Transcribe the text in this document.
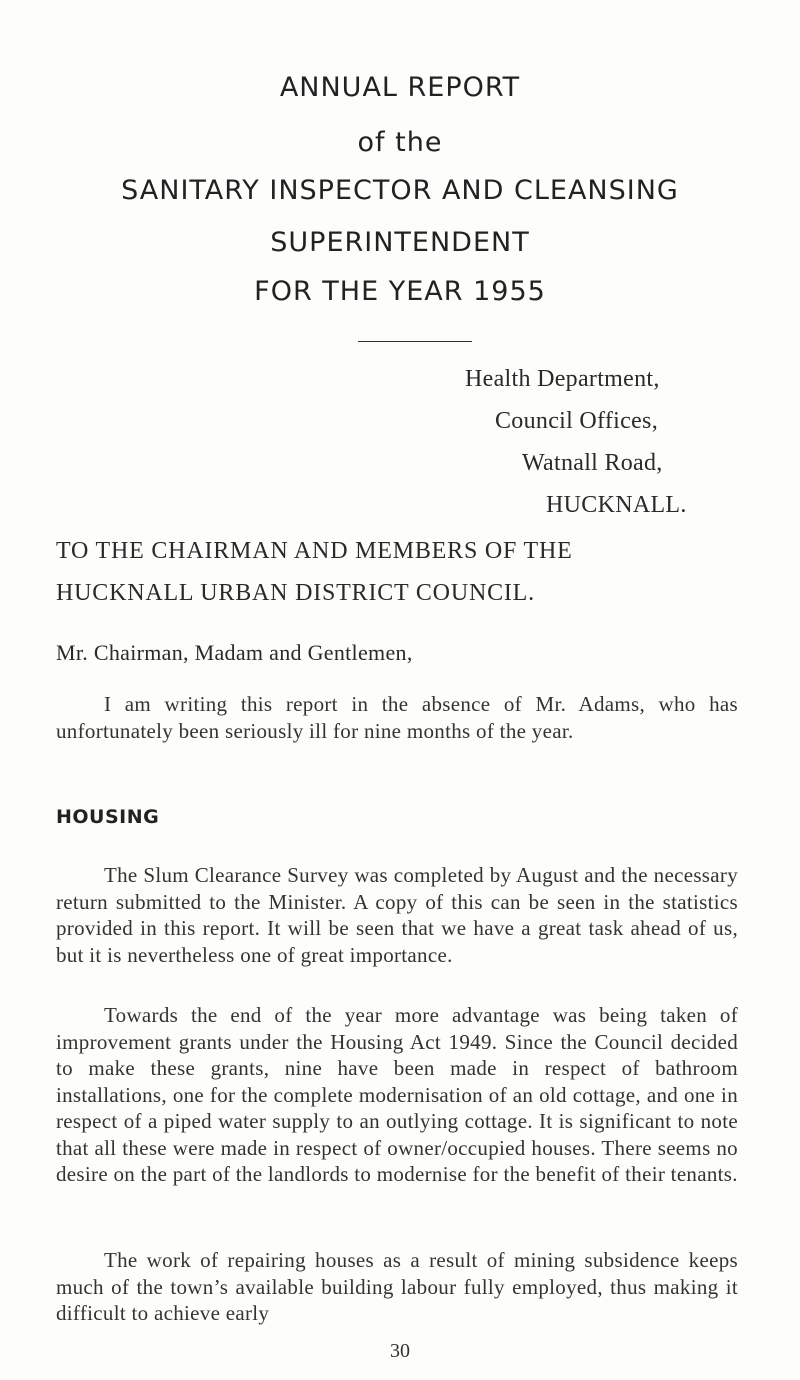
ANNUAL REPORT
of the
SANITARY INSPECTOR AND CLEANSING
SUPERINTENDENT
FOR THE YEAR 1955
Health Department,
Council Offices,
Watnall Road,
HUCKNALL.
TO THE CHAIRMAN AND MEMBERS OF THE
HUCKNALL URBAN DISTRICT COUNCIL.
Mr. Chairman, Madam and Gentlemen,
I am writing this report in the absence of Mr. Adams, who has unfortunately been seriously ill for nine months of the year.
HOUSING
The Slum Clearance Survey was completed by August and the necessary return submitted to the Minister. A copy of this can be seen in the statistics provided in this report. It will be seen that we have a great task ahead of us, but it is nevertheless one of great importance.
Towards the end of the year more advantage was being taken of improvement grants under the Housing Act 1949. Since the Council decided to make these grants, nine have been made in respect of bathroom installations, one for the complete modernisation of an old cottage, and one in respect of a piped water supply to an outlying cottage. It is significant to note that all these were made in respect of owner/occupied houses. There seems no desire on the part of the landlords to modernise for the benefit of their tenants.
The work of repairing houses as a result of mining subsidence keeps much of the town’s available building labour fully employed, thus making it difficult to achieve early
30
